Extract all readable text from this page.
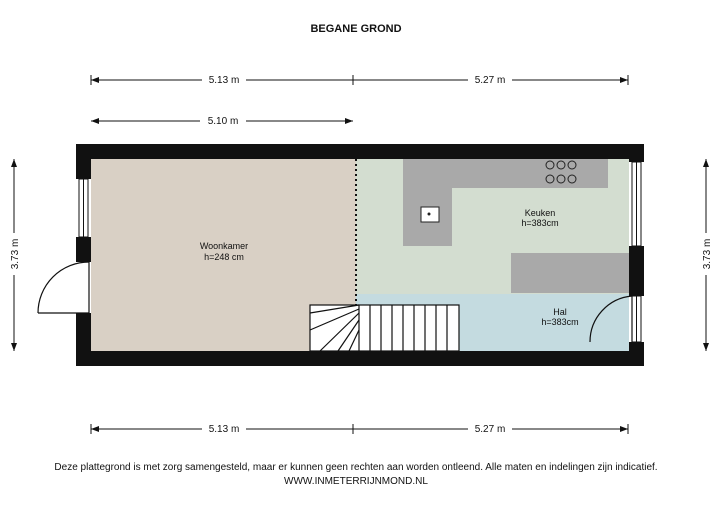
BEGANE GROND
5.13 m	5.27 m
5.10 m
3.73 m	3.73 m
Woonkamer
h=248 cm
Keuken
h=383cm
Hal
h=383cm
5.13 m	5.27 m
Deze plattegrond is met zorg samengesteld, maar er kunnen geen rechten aan worden ontleend. Alle maten en indelingen zijn indicatief.
WWW.INMETERRIJNMOND.NL
